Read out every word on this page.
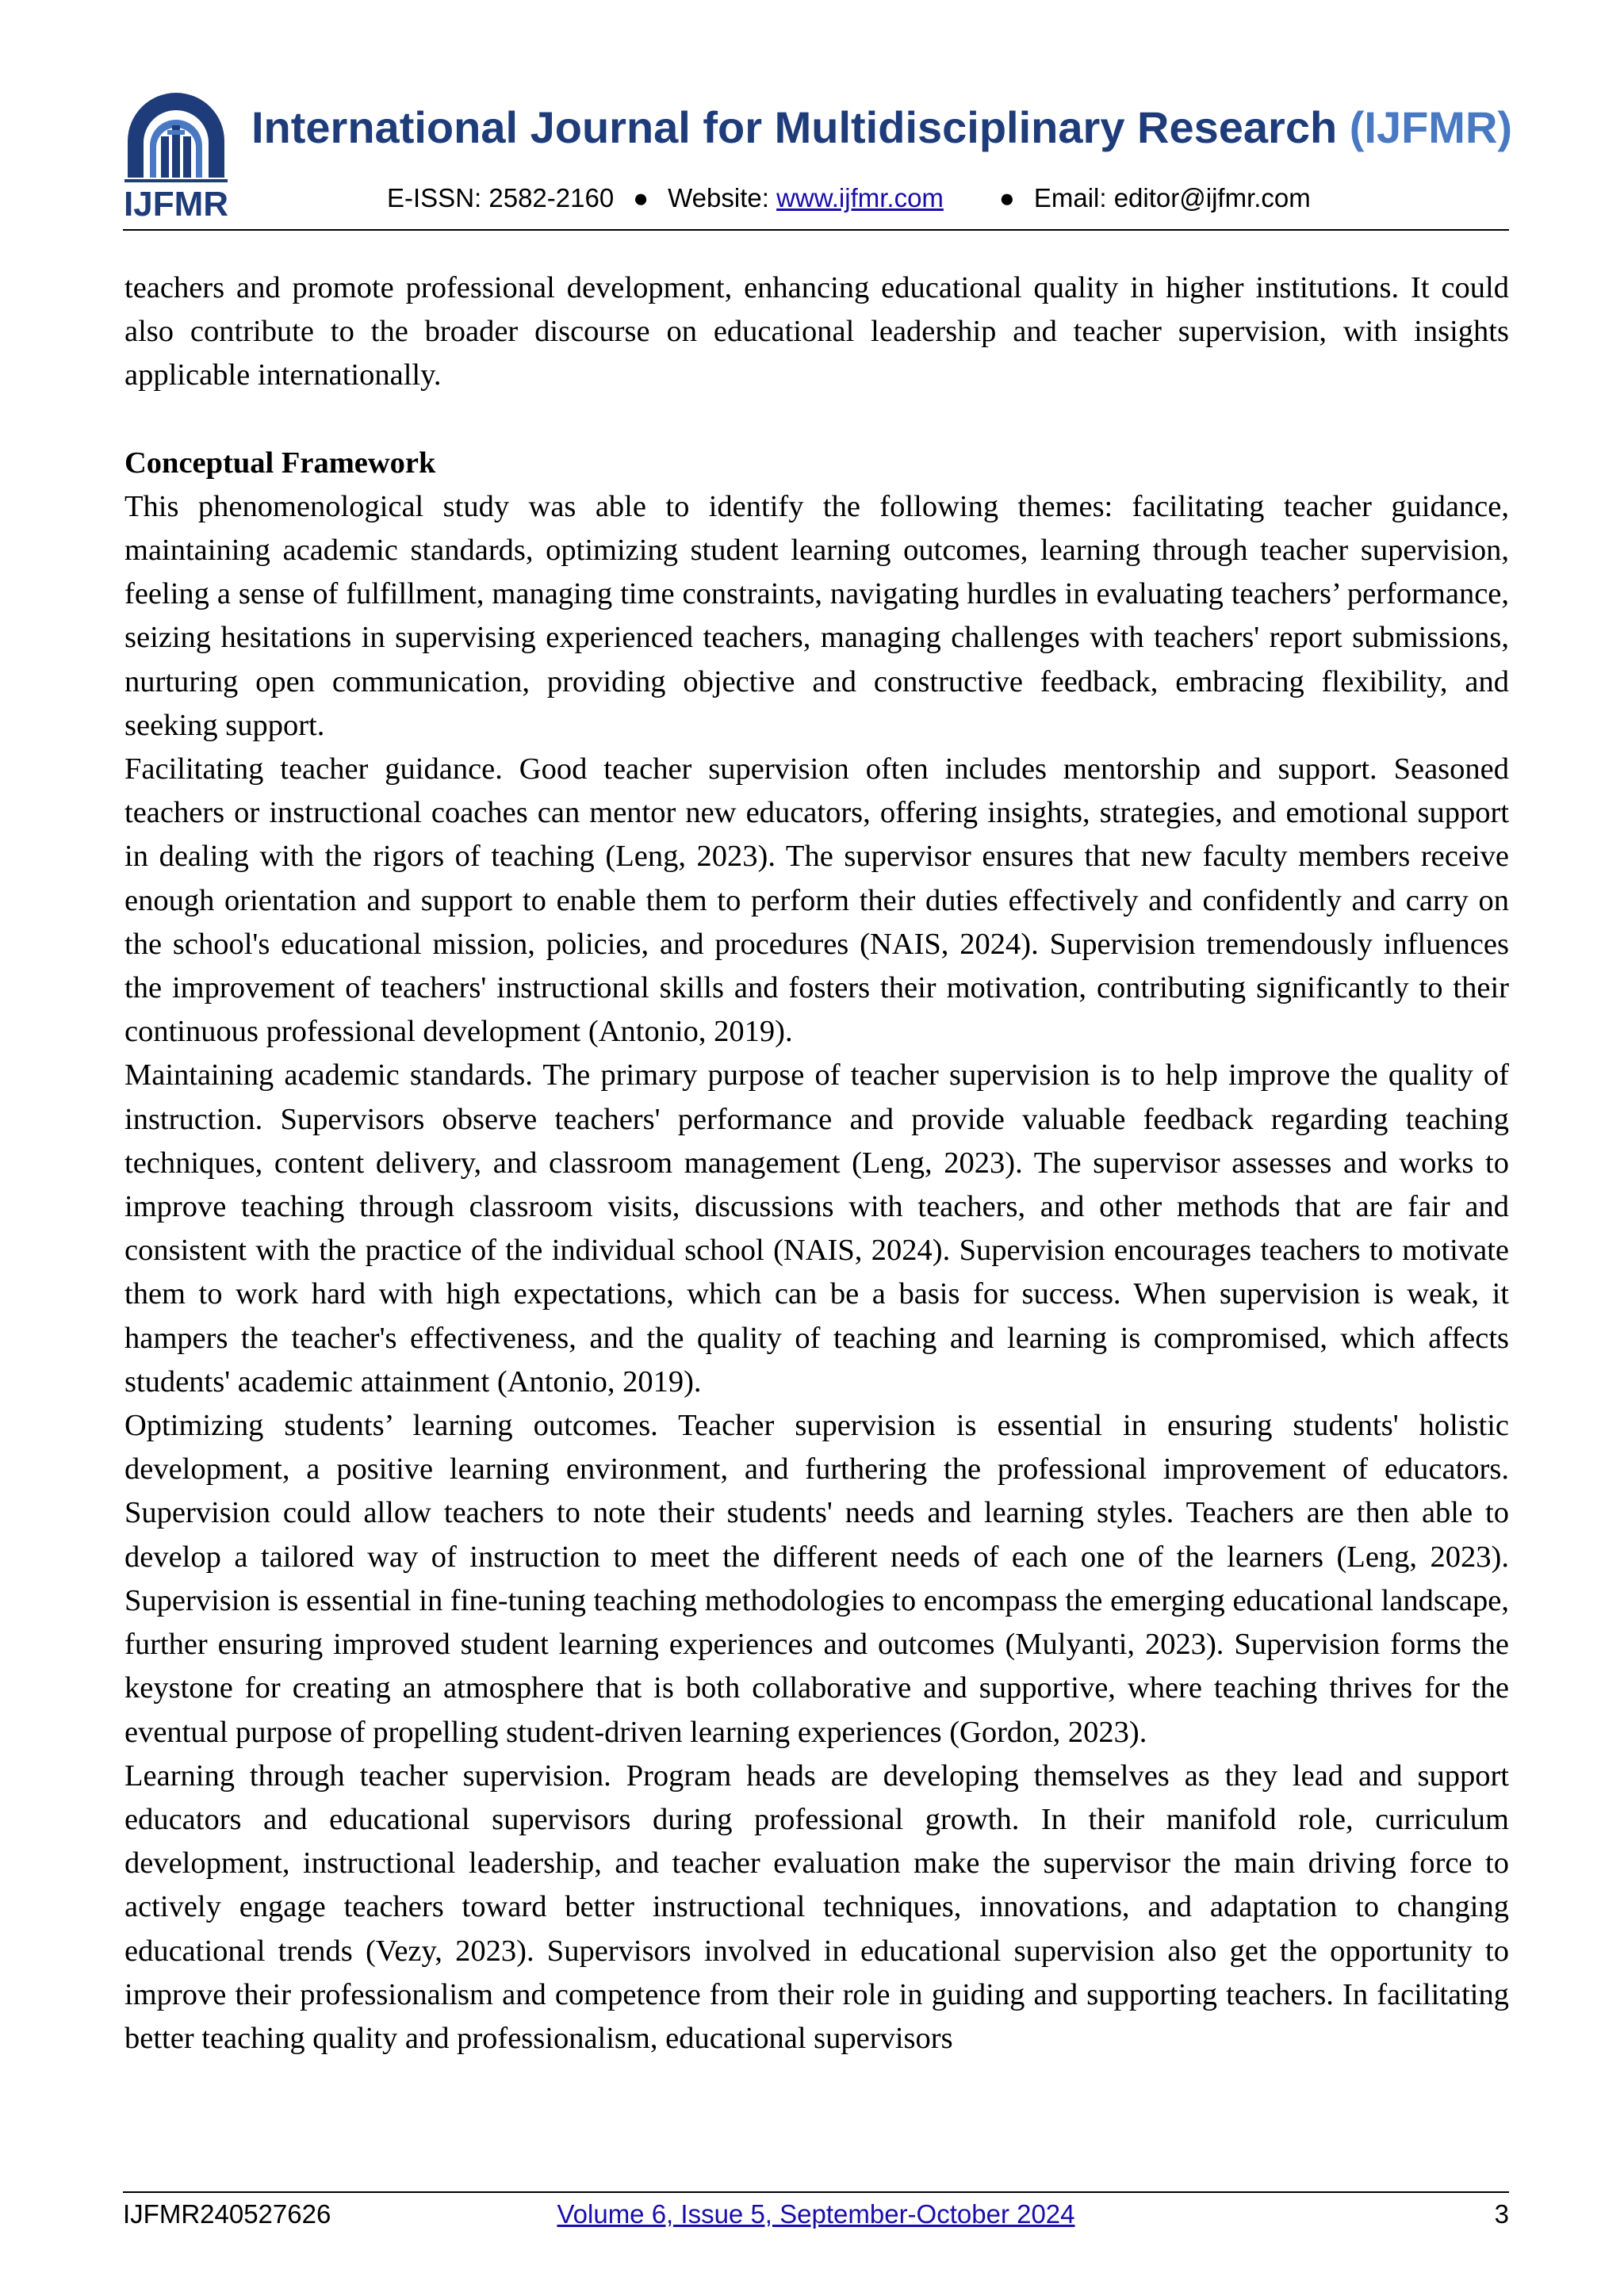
IJFMR
International Journal for Multidisciplinary Research (IJFMR)
E-ISSN: 2582-2160 ● Website: www.ijfmr.com ● Email: editor@ijfmr.com

teachers and promote professional development, enhancing educational quality in higher institutions. It could also contribute to the broader discourse on educational leadership and teacher supervision, with insights applicable internationally.

Conceptual Framework

This phenomenological study was able to identify the following themes: facilitating teacher guidance, maintaining academic standards, optimizing student learning outcomes, learning through teacher supervision, feeling a sense of fulfillment, managing time constraints, navigating hurdles in evaluating teachers’ performance, seizing hesitations in supervising experienced teachers, managing challenges with teachers' report submissions, nurturing open communication, providing objective and constructive feedback, embracing flexibility, and seeking support.

Facilitating teacher guidance. Good teacher supervision often includes mentorship and support. Seasoned teachers or instructional coaches can mentor new educators, offering insights, strategies, and emotional support in dealing with the rigors of teaching (Leng, 2023). The supervisor ensures that new faculty members receive enough orientation and support to enable them to perform their duties effectively and confidently and carry on the school's educational mission, policies, and procedures (NAIS, 2024). Supervision tremendously influences the improvement of teachers' instructional skills and fosters their motivation, contributing significantly to their continuous professional development (Antonio, 2019).

Maintaining academic standards. The primary purpose of teacher supervision is to help improve the quality of instruction. Supervisors observe teachers' performance and provide valuable feedback regarding teaching techniques, content delivery, and classroom management (Leng, 2023). The supervisor assesses and works to improve teaching through classroom visits, discussions with teachers, and other methods that are fair and consistent with the practice of the individual school (NAIS, 2024). Supervision encourages teachers to motivate them to work hard with high expectations, which can be a basis for success. When supervision is weak, it hampers the teacher's effectiveness, and the quality of teaching and learning is compromised, which affects students' academic attainment (Antonio, 2019).

Optimizing students’ learning outcomes. Teacher supervision is essential in ensuring students' holistic development, a positive learning environment, and furthering the professional improvement of educators. Supervision could allow teachers to note their students' needs and learning styles. Teachers are then able to develop a tailored way of instruction to meet the different needs of each one of the learners (Leng, 2023). Supervision is essential in fine-tuning teaching methodologies to encompass the emerging educational landscape, further ensuring improved student learning experiences and outcomes (Mulyanti, 2023). Supervision forms the keystone for creating an atmosphere that is both collaborative and supportive, where teaching thrives for the eventual purpose of propelling student-driven learning experiences (Gordon, 2023).

Learning through teacher supervision. Program heads are developing themselves as they lead and support educators and educational supervisors during professional growth. In their manifold role, curriculum development, instructional leadership, and teacher evaluation make the supervisor the main driving force to actively engage teachers toward better instructional techniques, innovations, and adaptation to changing educational trends (Vezy, 2023). Supervisors involved in educational supervision also get the opportunity to improve their professionalism and competence from their role in guiding and supporting teachers. In facilitating better teaching quality and professionalism, educational supervisors

IJFMR240527626	Volume 6, Issue 5, September-October 2024	3
